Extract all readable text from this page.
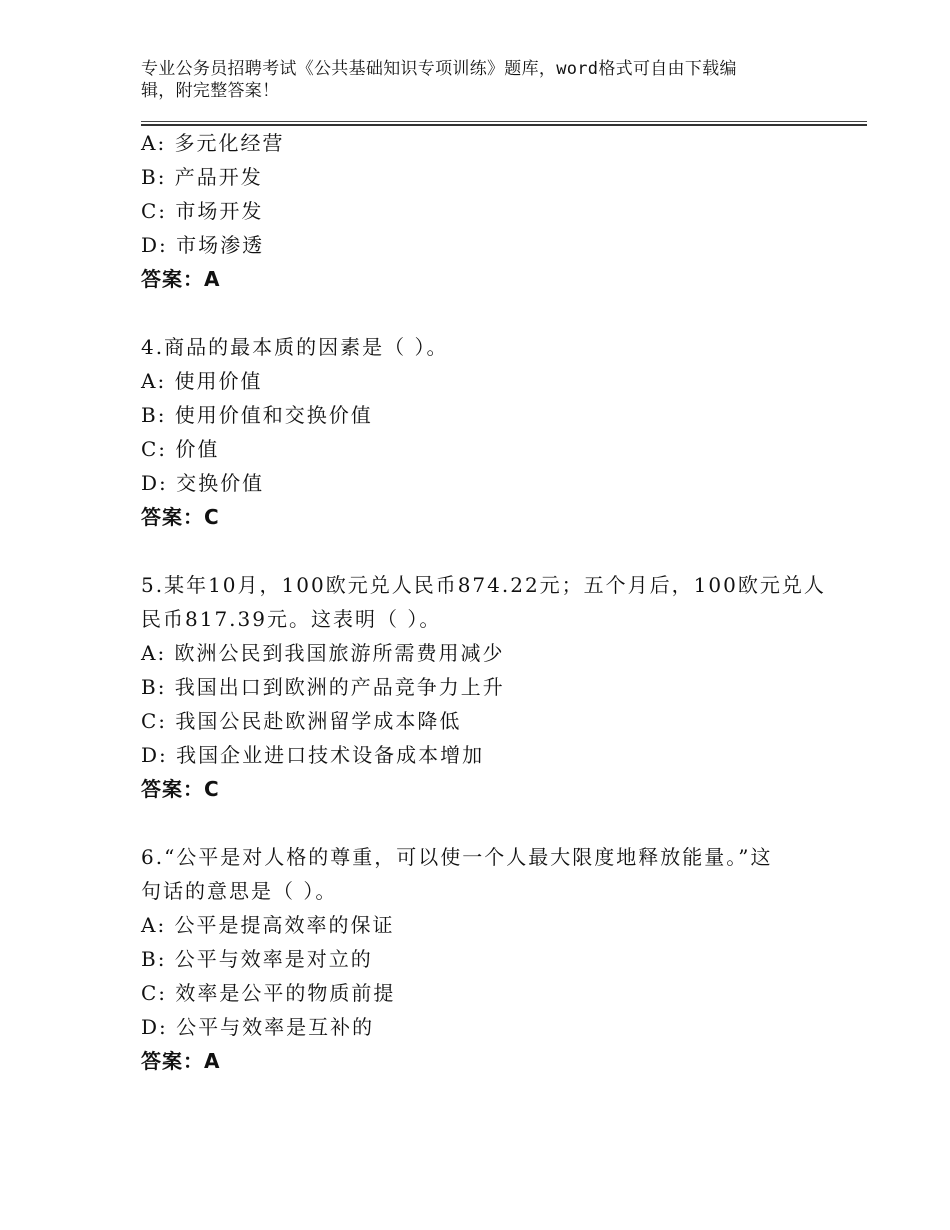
专业公务员招聘考试《公共基础知识专项训练》题库，word格式可自由下载编
辑，附完整答案！
A: 多元化经营
B: 产品开发
C: 市场开发
D: 市场渗透
答案：A
4.商品的最本质的因素是（ ）。
A: 使用价值
B: 使用价值和交换价值
C: 价值
D: 交换价值
答案：C
5.某年10月，100欧元兑人民币874.22元；五个月后，100欧元兑人
民币817.39元。这表明（ ）。
A: 欧洲公民到我国旅游所需费用减少
B: 我国出口到欧洲的产品竞争力上升
C: 我国公民赴欧洲留学成本降低
D: 我国企业进口技术设备成本增加
答案：C
6.“公平是对人格的尊重，可以使一个人最大限度地释放能量。”这
句话的意思是（ ）。
A: 公平是提高效率的保证
B: 公平与效率是对立的
C: 效率是公平的物质前提
D: 公平与效率是互补的
答案：A
